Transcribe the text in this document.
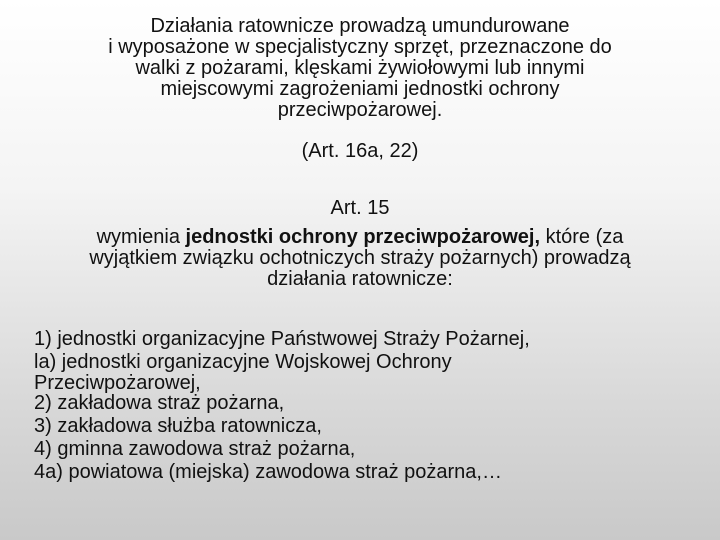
Działania ratownicze prowadzą umundurowane
i wyposażone w specjalistyczny sprzęt, przeznaczone do
walki z pożarami, klęskami żywiołowymi lub innymi
miejscowymi zagrożeniami jednostki ochrony
przeciwpożarowej.
(Art. 16a, 22)
Art. 15
wymienia jednostki ochrony przeciwpożarowej, które (za
wyjątkiem związku ochotniczych straży pożarnych) prowadzą
działania ratownicze:
1) jednostki organizacyjne Państwowej Straży Pożarnej,
la) jednostki organizacyjne Wojskowej Ochrony
Przeciwpożarowej,
2) zakładowa straż pożarna,
3) zakładowa służba ratownicza,
4) gminna zawodowa straż pożarna,
4a) powiatowa (miejska) zawodowa straż pożarna,…
